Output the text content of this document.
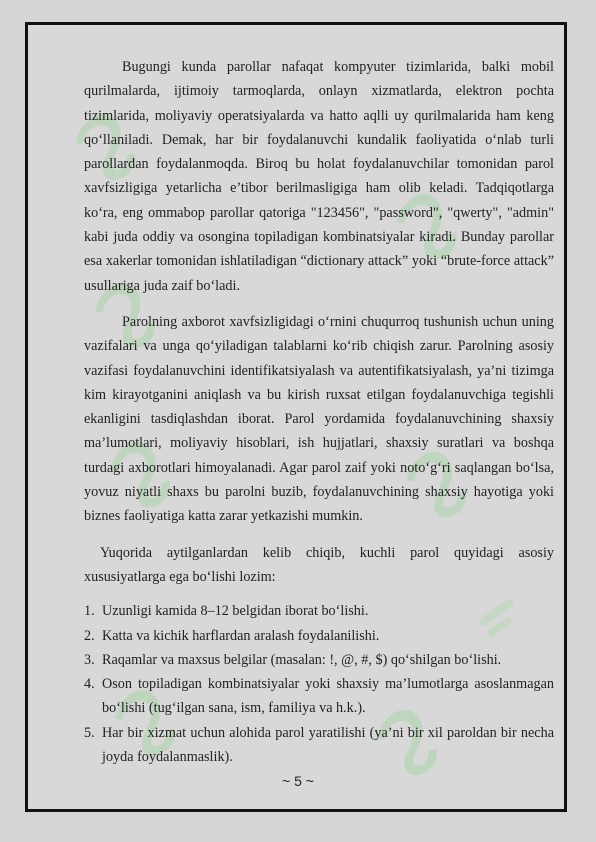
Bugungi kunda parollar nafaqat kompyuter tizimlarida, balki mobil qurilmalarda, ijtimoiy tarmoqlarda, onlayn xizmatlarda, elektron pochta tizimlarida, moliyaviy operatsiyalarda va hatto aqlli uy qurilmalarida ham keng qo‘llaniladi. Demak, har bir foydalanuvchi kundalik faoliyatida o‘nlab turli parollardan foydalanmoqda. Biroq bu holat foydalanuvchilar tomonidan parol xavfsizligiga yetarlicha e’tibor berilmasligiga ham olib keladi. Tadqiqotlarga ko‘ra, eng ommabop parollar qatoriga "123456", "password", "qwerty", "admin" kabi juda oddiy va osongina topiladigan kombinatsiyalar kiradi. Bunday parollar esa xakerlar tomonidan ishlatiladigan “dictionary attack” yoki “brute-force attack” usullariga juda zaif bo‘ladi.

Parolning axborot xavfsizligidagi o‘rnini chuqurroq tushunish uchun uning vazifalari va unga qo‘yiladigan talablarni ko‘rib chiqish zarur. Parolning asosiy vazifasi foydalanuvchini identifikatsiyalash va autentifikatsiyalash, ya’ni tizimga kim kirayotganini aniqlash va bu kirish ruxsat etilgan foydalanuvchiga tegishli ekanligini tasdiqlashdan iborat. Parol yordamida foydalanuvchining shaxsiy ma’lumotlari, moliyaviy hisoblari, ish hujjatlari, shaxsiy suratlari va boshqa turdagi axborotlari himoyalanadi. Agar parol zaif yoki noto‘g‘ri saqlangan bo‘lsa, yovuz niyatli shaxs bu parolni buzib, foydalanuvchining shaxsiy hayotiga yoki biznes faoliyatiga katta zarar yetkazishi mumkin.

Yuqorida aytilganlardan kelib chiqib, kuchli parol quyidagi asosiy xususiyatlarga ega bo‘lishi lozim:

1. Uzunligi kamida 8–12 belgidan iborat bo‘lishi.
2. Katta va kichik harflardan aralash foydalanilishi.
3. Raqamlar va maxsus belgilar (masalan: !, @, #, $) qo‘shilgan bo‘lishi.
4. Oson topiladigan kombinatsiyalar yoki shaxsiy ma’lumotlarga asoslanmagan bo‘lishi (tug‘ilgan sana, ism, familiya va h.k.).
5. Har bir xizmat uchun alohida parol yaratilishi (ya’ni bir xil paroldan bir necha joyda foydalanmaslik).
~ 5 ~
